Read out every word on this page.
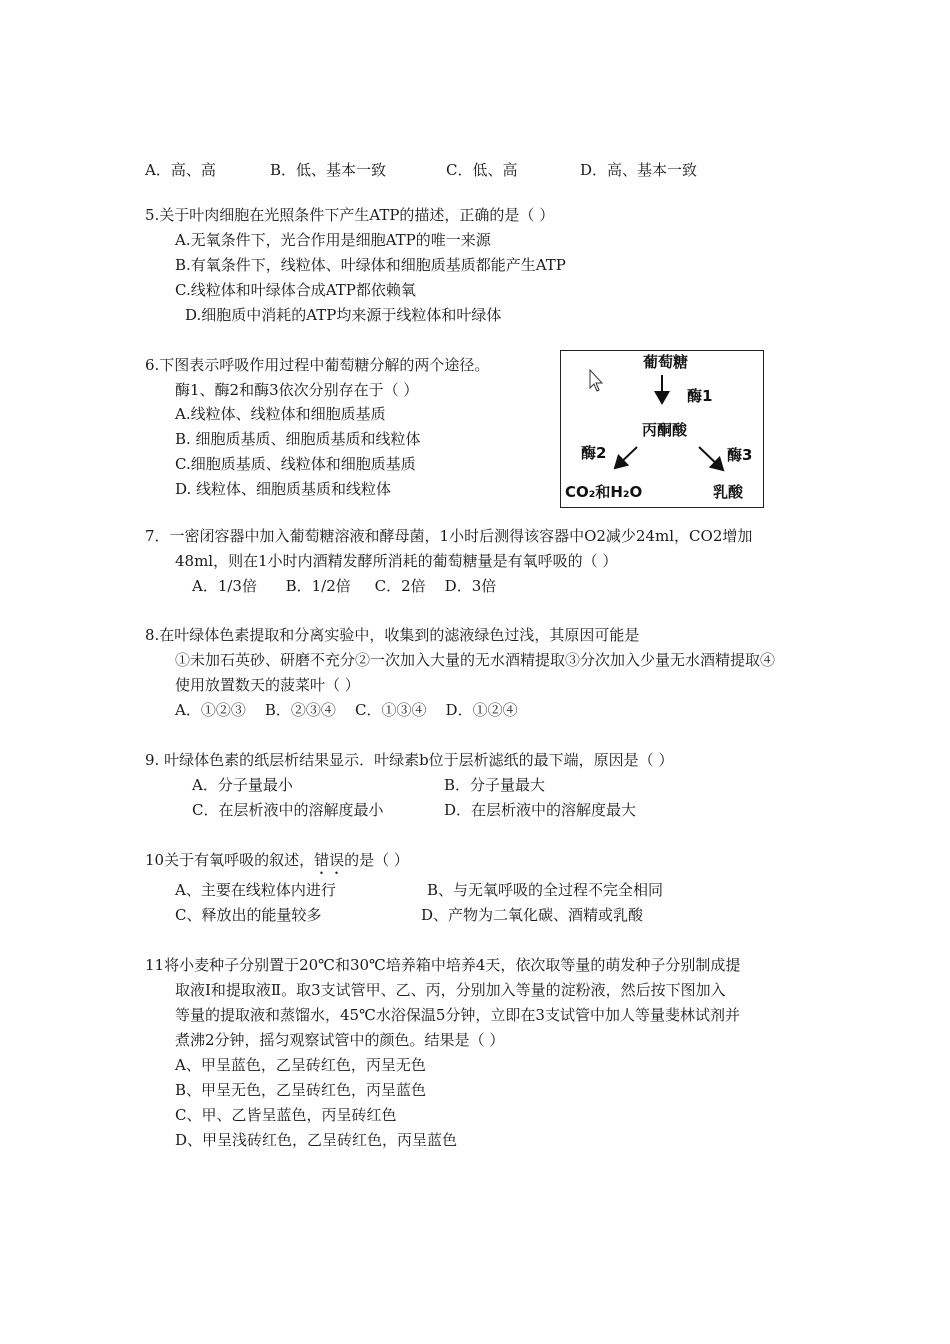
A．高、高	B．低、基本一致	C．低、高	D．高、基本一致
5.关于叶肉细胞在光照条件下产生ATP的描述，正确的是（ ）
A.无氧条件下，光合作用是细胞ATP的唯一来源
B.有氧条件下，线粒体、叶绿体和细胞质基质都能产生ATP
C.线粒体和叶绿体合成ATP都依赖氧
D.细胞质中消耗的ATP均来源于线粒体和叶绿体
6.下图表示呼吸作用过程中葡萄糖分解的两个途径。
酶1、酶2和酶3依次分别存在于（ ）
A.线粒体、线粒体和细胞质基质
B. 细胞质基质、细胞质基质和线粒体
C.细胞质基质、线粒体和细胞质基质
D. 线粒体、细胞质基质和线粒体
葡萄糖
酶1
丙酮酸
酶2	酶3
CO₂和H₂O	乳酸
7．一密闭容器中加入葡萄糖溶液和酵母菌，1小时后测得该容器中O2减少24ml，CO2增加
48ml，则在1小时内酒精发酵所消耗的葡萄糖量是有氧呼吸的（ ）
A．1/3倍      B．1/2倍     C．2倍    D．3倍
8.在叶绿体色素提取和分离实验中，收集到的滤液绿色过浅，其原因可能是
①未加石英砂、研磨不充分②一次加入大量的无水酒精提取③分次加入少量无水酒精提取④
使用放置数天的菠菜叶（ ）
A．①②③    B．②③④    C．①③④    D．①②④
9. 叶绿体色素的纸层析结果显示．叶绿素b位于层析滤纸的最下端，原因是（ ）
A．分子量最小	B．分子量最大
C．在层析液中的溶解度最小	D．在层析液中的溶解度最大
10关于有氧呼吸的叙述，错误的是（ ）
A、主要在线粒体内进行	B、与无氧呼吸的全过程不完全相同
C、释放出的能量较多	D、产物为二氧化碳、酒精或乳酸
11将小麦种子分别置于20℃和30℃培养箱中培养4天，依次取等量的萌发种子分别制成提
取液Ⅰ和提取液Ⅱ。取3支试管甲、乙、丙，分别加入等量的淀粉液，然后按下图加入
等量的提取液和蒸馏水，45℃水浴保温5分钟，立即在3支试管中加人等量斐林试剂并
煮沸2分钟，摇匀观察试管中的颜色。结果是（ ）
A、甲呈蓝色，乙呈砖红色，丙呈无色
B、甲呈无色，乙呈砖红色，丙呈蓝色
C、甲、乙皆呈蓝色，丙呈砖红色
D、甲呈浅砖红色，乙呈砖红色，丙呈蓝色
